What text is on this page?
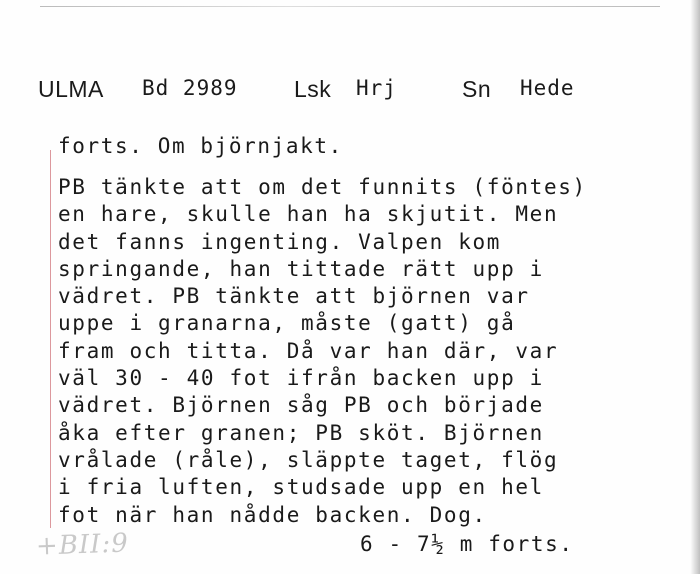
ULMA Bd 2989 Lsk Hrj	Sn Hede
forts. Om björnjakt.
PB tänkte att om det funnits (föntes)
en hare, skulle han ha skjutit. Men
det fanns ingenting. Valpen kom
springande, han tittade rätt upp i
vädret. PB tänkte att björnen var
uppe i granarna, måste (gatt) gå
fram och titta. Då var han där, var
väl 30 - 40 fot ifrån backen upp i
vädret. Björnen såg PB och började
åka efter granen; PB sköt. Björnen
vrålade (råle), släppte taget, flög
i fria luften, studsade upp en hel
fot när han nådde backen. Dog.
6 - 7½ m forts.
+BII:9
